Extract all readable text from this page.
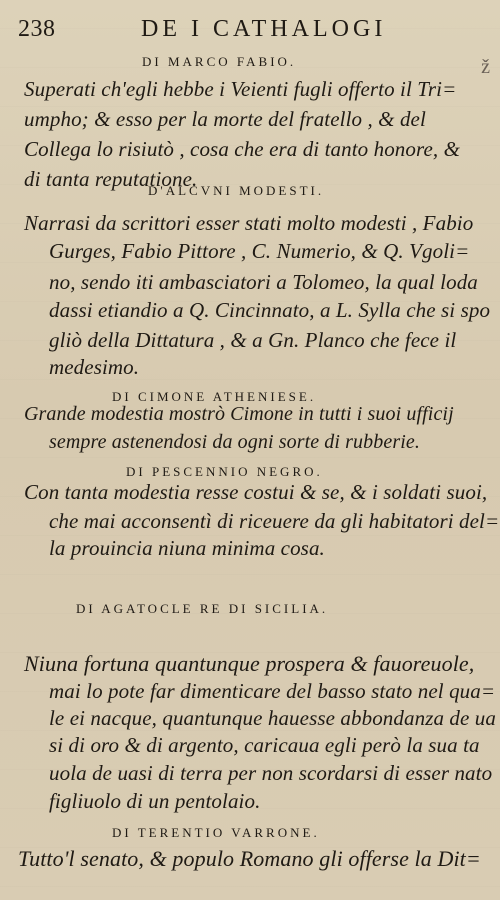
238	DE I CATHALOGI
ž
DI MARCO FABIO.
Superati ch'egli hebbe i Veienti fugli offerto il Tri=
umpho; & esso per la morte del fratello , & del
Collega lo risiutò , cosa che era di tanto honore, &
di tanta reputatione.
D'ALCVNI MODESTI.
Narrasi da scrittori esser stati molto modesti , Fabio
Gurges, Fabio Pittore , C. Numerio, & Q. Vgoli=
no, sendo iti ambasciatori a Tolomeo, la qual loda
dassi etiandio a Q. Cincinnato, a L. Sylla che si spo
gliò della Dittatura , & a Gn. Planco che fece il
medesimo.
DI CIMONE ATHENIESE.
Grande modestia mostrò Cimone in tutti i suoi ufficij
sempre astenendosi da ogni sorte di rubberie.
DI PESCENNIO NEGRO.
Con tanta modestia resse costui & se, & i soldati suoi,
che mai acconsentì di riceuere da gli habitatori del=
la prouincia niuna minima cosa.
DI AGATOCLE RE DI SICILIA.
Niuna fortuna quantunque prospera & fauoreuole,
mai lo pote far dimenticare del basso stato nel qua=
le ei nacque, quantunque hauesse abbondanza de ua
si di oro & di argento, caricaua egli però la sua ta
uola de uasi di terra per non scordarsi di esser nato
figliuolo di un pentolaio.
DI TERENTIO VARRONE.
Tutto'l senato, & populo Romano gli offerse la Dit=
